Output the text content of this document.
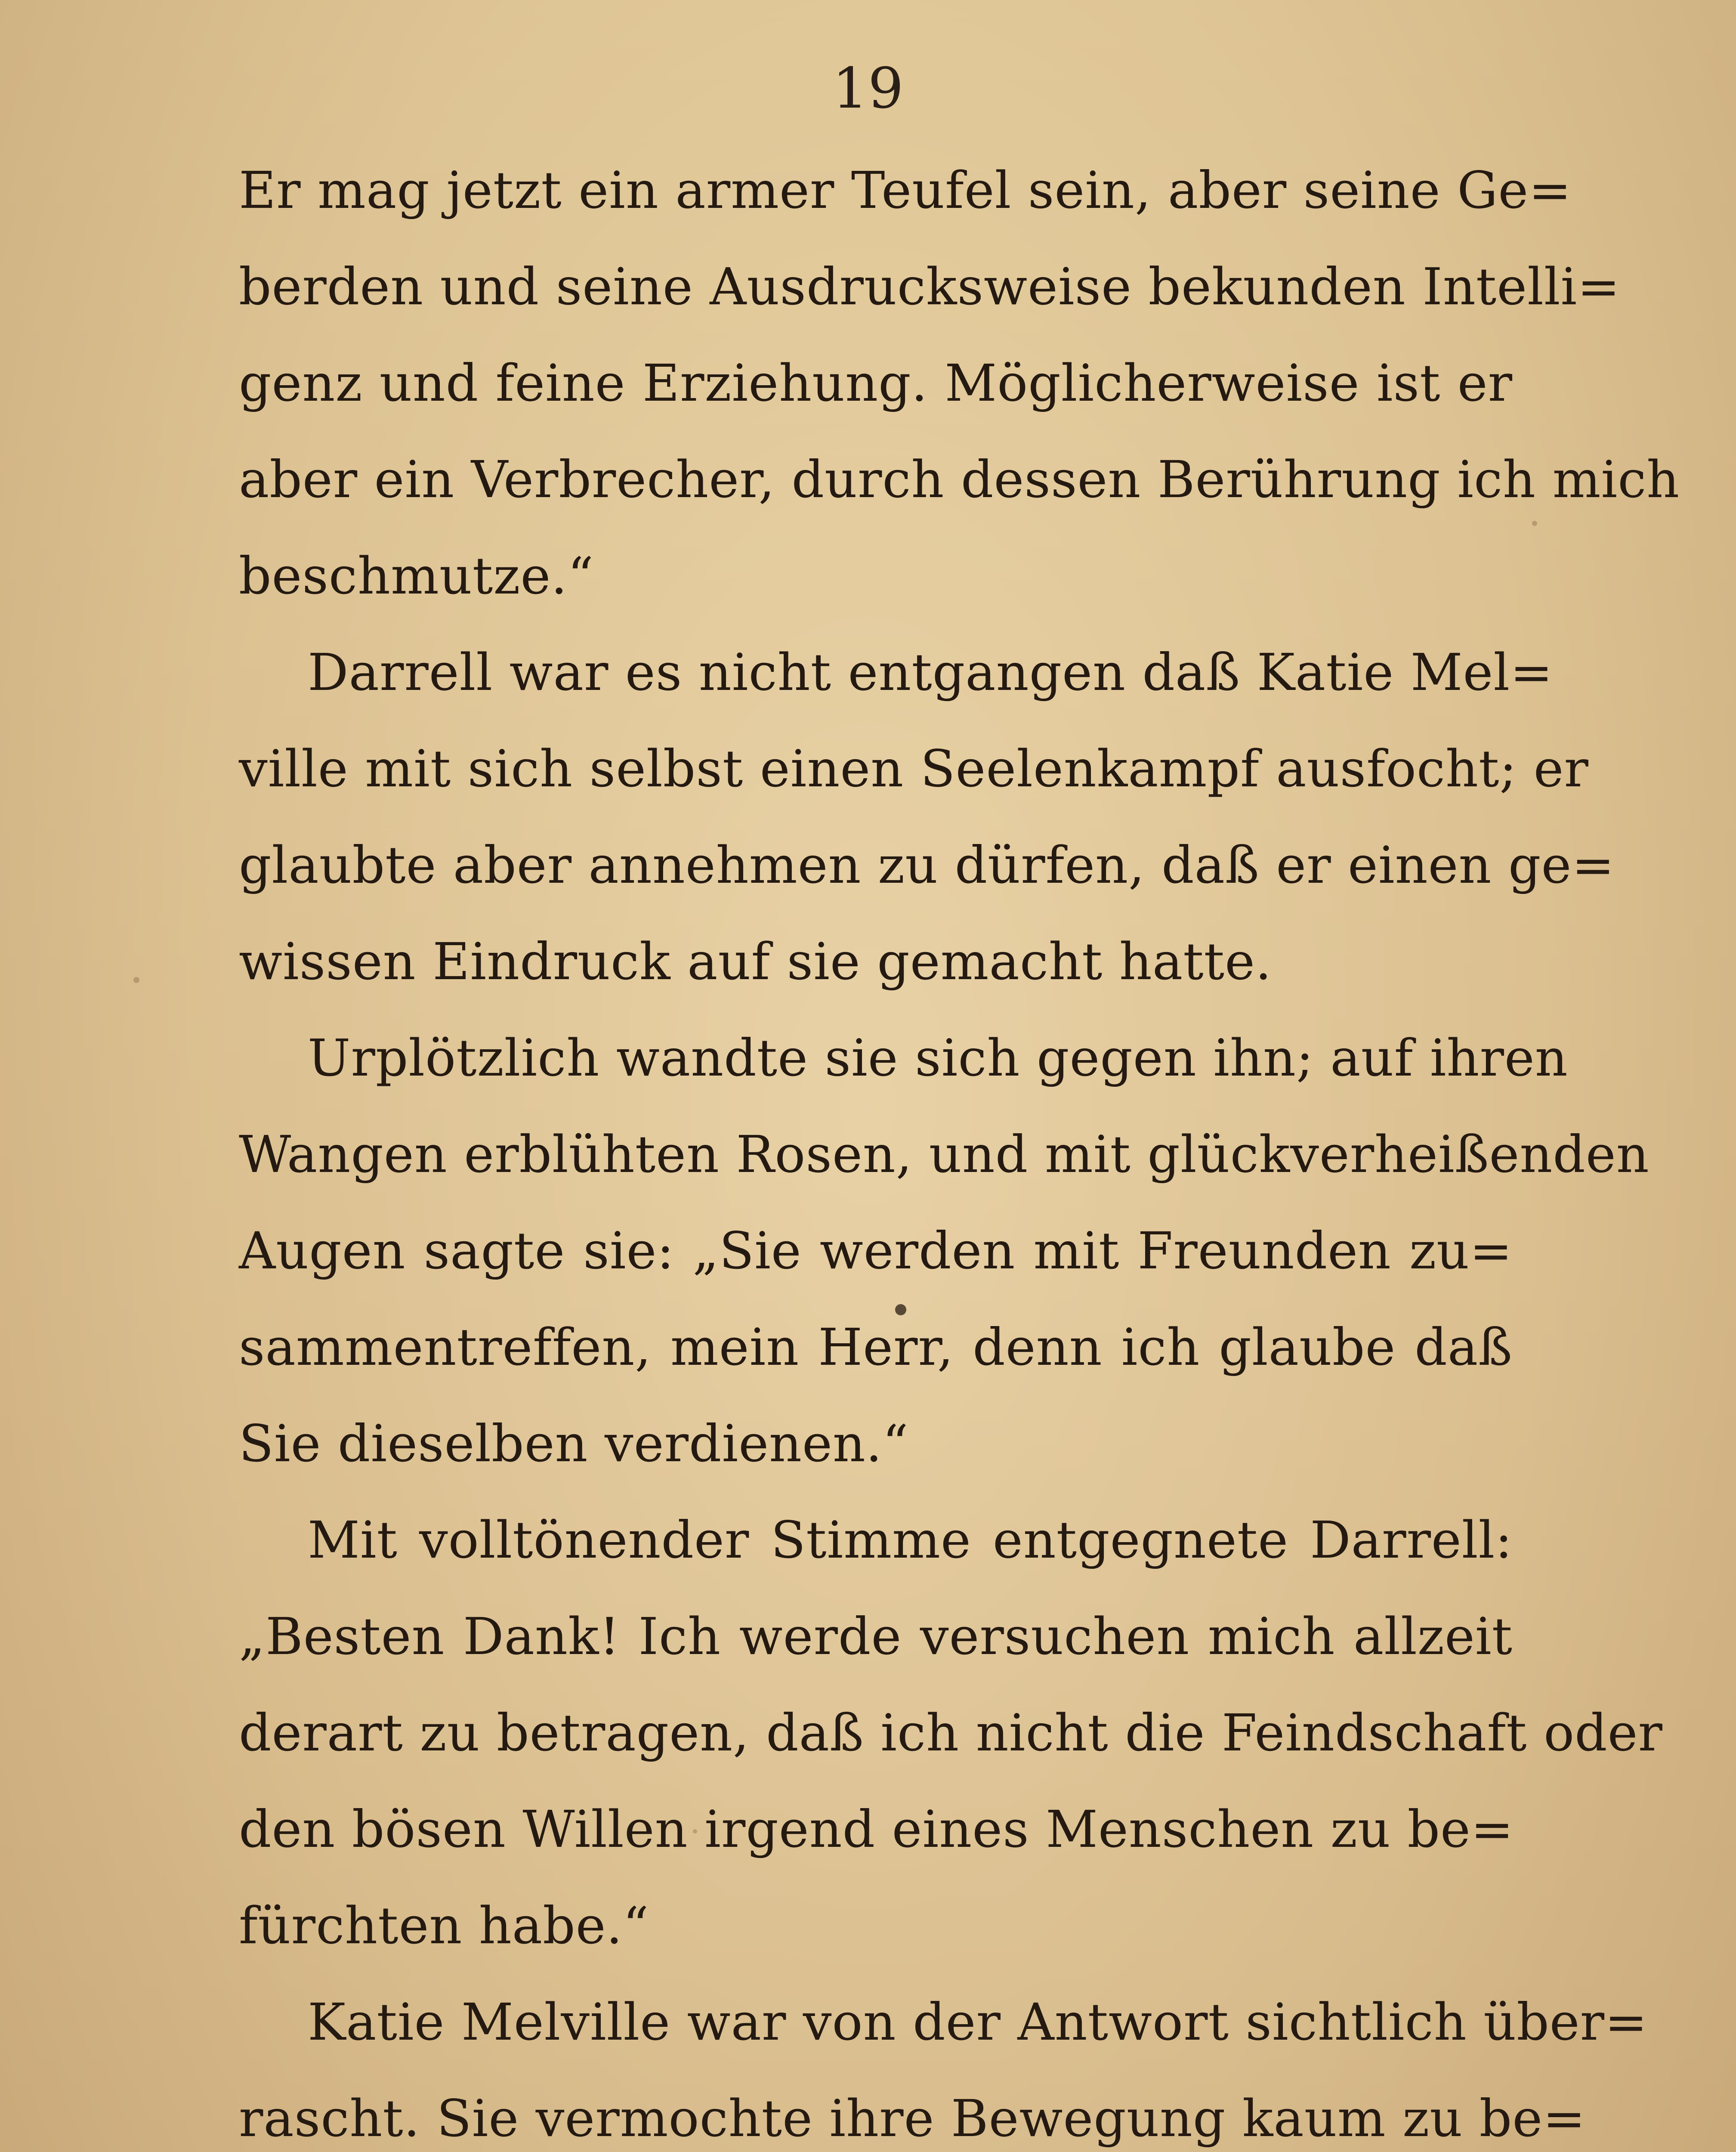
19
Er mag jetzt ein armer Teufel sein, aber seine Ge=
berden und seine Ausdrucksweise bekunden Intelli=
genz und feine Erziehung. Möglicherweise ist er
aber ein Verbrecher, durch dessen Berührung ich mich
beschmutze.“
Darrell war es nicht entgangen daß Katie Mel=
ville mit sich selbst einen Seelenkampf ausfocht; er
glaubte aber annehmen zu dürfen, daß er einen ge=
wissen Eindruck auf sie gemacht hatte.
Urplötzlich wandte sie sich gegen ihn; auf ihren
Wangen erblühten Rosen, und mit glückverheißenden
Augen sagte sie: „Sie werden mit Freunden zu=
sammentreffen, mein Herr, denn ich glaube daß
Sie dieselben verdienen.“
Mit volltönender Stimme entgegnete Darrell:
„Besten Dank! Ich werde versuchen mich allzeit
derart zu betragen, daß ich nicht die Feindschaft oder
den bösen Willen irgend eines Menschen zu be=
fürchten habe.“
Katie Melville war von der Antwort sichtlich über=
rascht. Sie vermochte ihre Bewegung kaum zu be=
